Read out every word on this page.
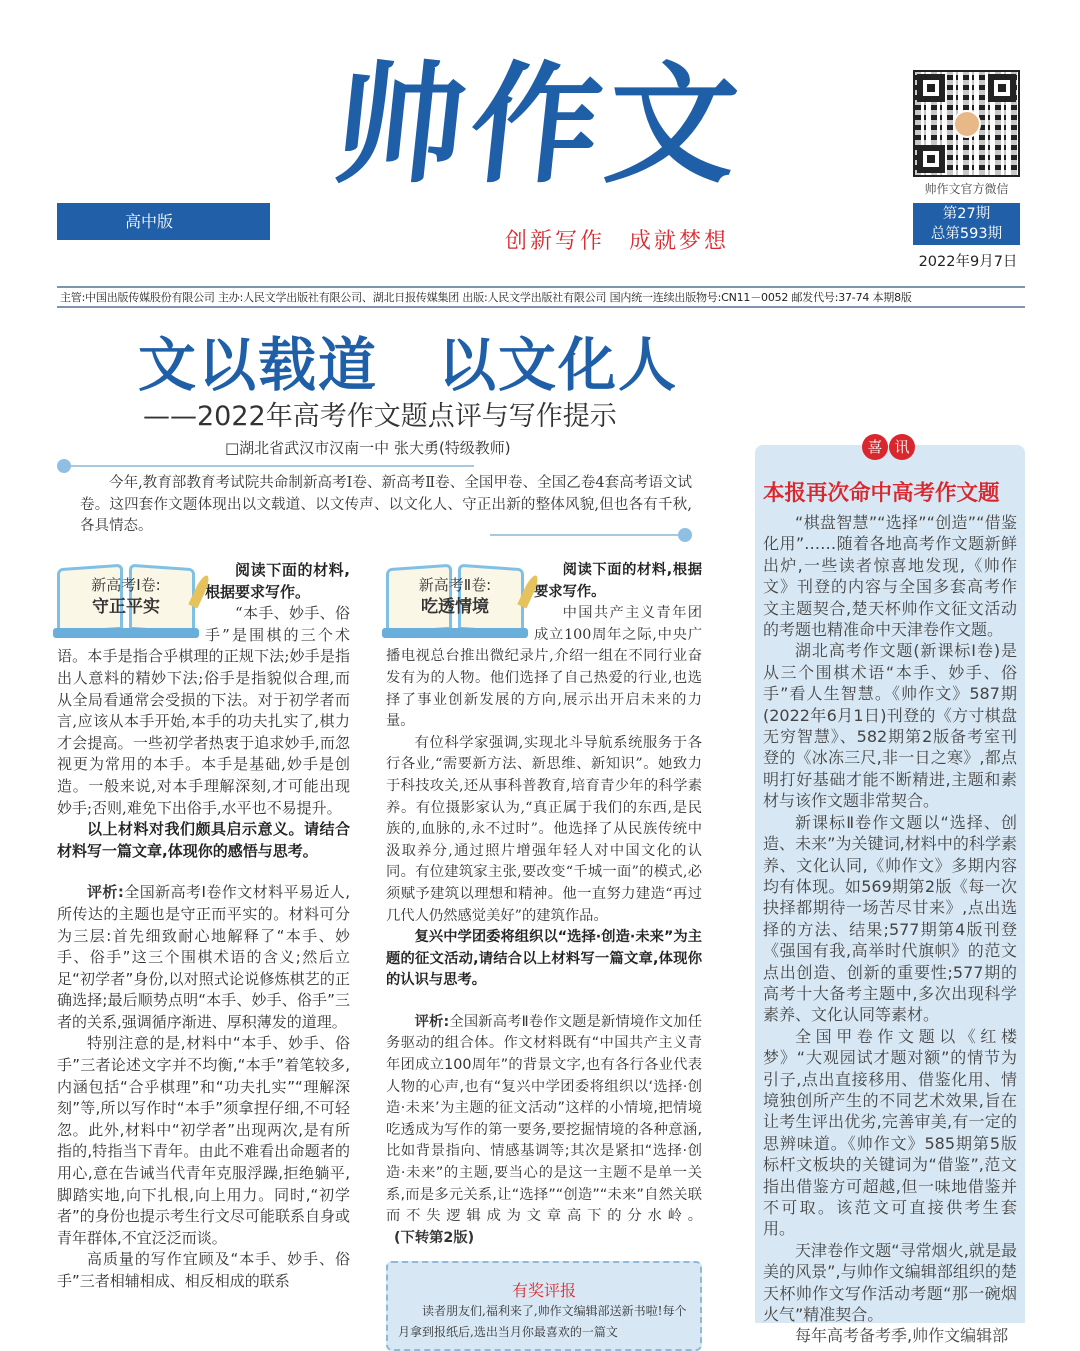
帅作文
高中版
创新写作 成就梦想
帅作文官方微信
第27期
总第593期
2022年9月7日
主管:中国出版传媒股份有限公司 主办:人民文学出版社有限公司、湖北日报传媒集团 出版:人民文学出版社有限公司 国内统一连续出版物号:CN11－0052 邮发代号:37-74 本期8版
文以载道　以文化人
——2022年高考作文题点评与写作提示
□湖北省武汉市汉南一中 张大勇(特级教师)
今年,教育部教育考试院共命制新高考Ⅰ卷、新高考Ⅱ卷、全国甲卷、全国乙卷4套高考语文试卷。这四套作文题体现出以文载道、以文传声、以文化人、守正出新的整体风貌,但也各有千秋,各具情态。
新高考Ⅰ卷:
守正平实

阅读下面的材料,根据要求写作。

“本手、妙手、俗手”是围棋的三个术语。本手是指合乎棋理的正规下法;妙手是指出人意料的精妙下法;俗手是指貌似合理,而从全局看通常会受损的下法。对于初学者而言,应该从本手开始,本手的功夫扎实了,棋力才会提高。一些初学者热衷于追求妙手,而忽视更为常用的本手。本手是基础,妙手是创造。一般来说,对本手理解深刻,才可能出现妙手;否则,难免下出俗手,水平也不易提升。

以上材料对我们颇具启示意义。请结合材料写一篇文章,体现你的感悟与思考。

评析:全国新高考Ⅰ卷作文材料平易近人,所传达的主题也是守正而平实的。材料可分为三层:首先细致耐心地解释了“本手、妙手、俗手”这三个围棋术语的含义;然后立足“初学者”身份,以对照式论说修炼棋艺的正确选择;最后顺势点明“本手、妙手、俗手”三者的关系,强调循序渐进、厚积薄发的道理。

特别注意的是,材料中“本手、妙手、俗手”三者论述文字并不均衡,“本手”着笔较多,内涵包括“合乎棋理”和“功夫扎实”“理解深刻”等,所以写作时“本手”须拿捏仔细,不可轻忽。此外,材料中“初学者”出现两次,是有所指的,特指当下青年。由此不难看出命题者的用心,意在告诫当代青年克服浮躁,拒绝躺平,脚踏实地,向下扎根,向上用力。同时,“初学者”的身份也提示考生行文尽可能联系自身或青年群体,不宜泛泛而谈。

高质量的写作宜顾及“本手、妙手、俗手”三者相辅相成、相反相成的联系

新高考Ⅱ卷:
吃透情境

阅读下面的材料,根据要求写作。

中国共产主义青年团成立100周年之际,中央广播电视总台推出微纪录片,介绍一组在不同行业奋发有为的人物。他们选择了自己热爱的行业,也选择了事业创新发展的方向,展示出开启未来的力量。

有位科学家强调,实现北斗导航系统服务于各行各业,“需要新方法、新思维、新知识”。她致力于科技攻关,还从事科普教育,培育青少年的科学素养。有位摄影家认为,“真正属于我们的东西,是民族的,血脉的,永不过时”。他选择了从民族传统中汲取养分,通过照片增强年轻人对中国文化的认同。有位建筑家主张,要改变“千城一面”的模式,必须赋予建筑以理想和精神。他一直努力建造“再过几代人仍然感觉美好”的建筑作品。

复兴中学团委将组织以“选择·创造·未来”为主题的征文活动,请结合以上材料写一篇文章,体现你的认识与思考。

评析:全国新高考Ⅱ卷作文题是新情境作文加任务驱动的组合体。作文材料既有“中国共产主义青年团成立100周年”的背景文字,也有各行各业代表人物的心声,也有“复兴中学团委将组织以‘选择·创造·未来’为主题的征文活动”这样的小情境,把情境吃透成为写作的第一要务,要挖掘情境的各种意涵,比如背景指向、情感基调等;其次是紧扣“选择·创造·未来”的主题,要当心的是这一主题不是单一关系,而是多元关系,让“选择”“创造”“未来”自然关联而不失逻辑成为文章高下的分水岭。(下转第2版)

有奖评报

读者朋友们,福利来了,帅作文编辑部送新书啦!每个月拿到报纸后,选出当月你最喜欢的一篇文

喜 讯
本报再次命中高考作文题

“棋盘智慧”“选择”“创造”“借鉴化用”……随着各地高考作文题新鲜出炉,一些读者惊喜地发现,《帅作文》刊登的内容与全国多套高考作文主题契合,楚天杯帅作文征文活动的考题也精准命中天津卷作文题。

湖北高考作文题(新课标Ⅰ卷)是从三个围棋术语“本手、妙手、俗手”看人生智慧。《帅作文》587期(2022年6月1日)刊登的《方寸棋盘无穷智慧》、582期第2版备考室刊登的《冰冻三尺,非一日之寒》,都点明打好基础才能不断精进,主题和素材与该作文题非常契合。

新课标Ⅱ卷作文题以“选择、创造、未来”为关键词,材料中的科学素养、文化认同,《帅作文》多期内容均有体现。如569期第2版《每一次抉择都期待一场苦尽甘来》,点出选择的方法、结果;577期第4版刊登《强国有我,高举时代旗帜》的范文点出创造、创新的重要性;577期的高考十大备考主题中,多次出现科学素养、文化认同等素材。

全国甲卷作文题以《红楼梦》“大观园试才题对额”的情节为引子,点出直接移用、借鉴化用、情境独创所产生的不同艺术效果,旨在让考生评出优劣,完善审美,有一定的思辨味道。《帅作文》585期第5版标杆文板块的关键词为“借鉴”,范文指出借鉴方可超越,但一味地借鉴并不可取。该范文可直接供考生套用。

天津卷作文题“寻常烟火,就是最美的风景”,与帅作文编辑部组织的楚天杯帅作文写作活动考题“那一碗烟火气”精准契合。

每年高考备考季,帅作文编辑部
